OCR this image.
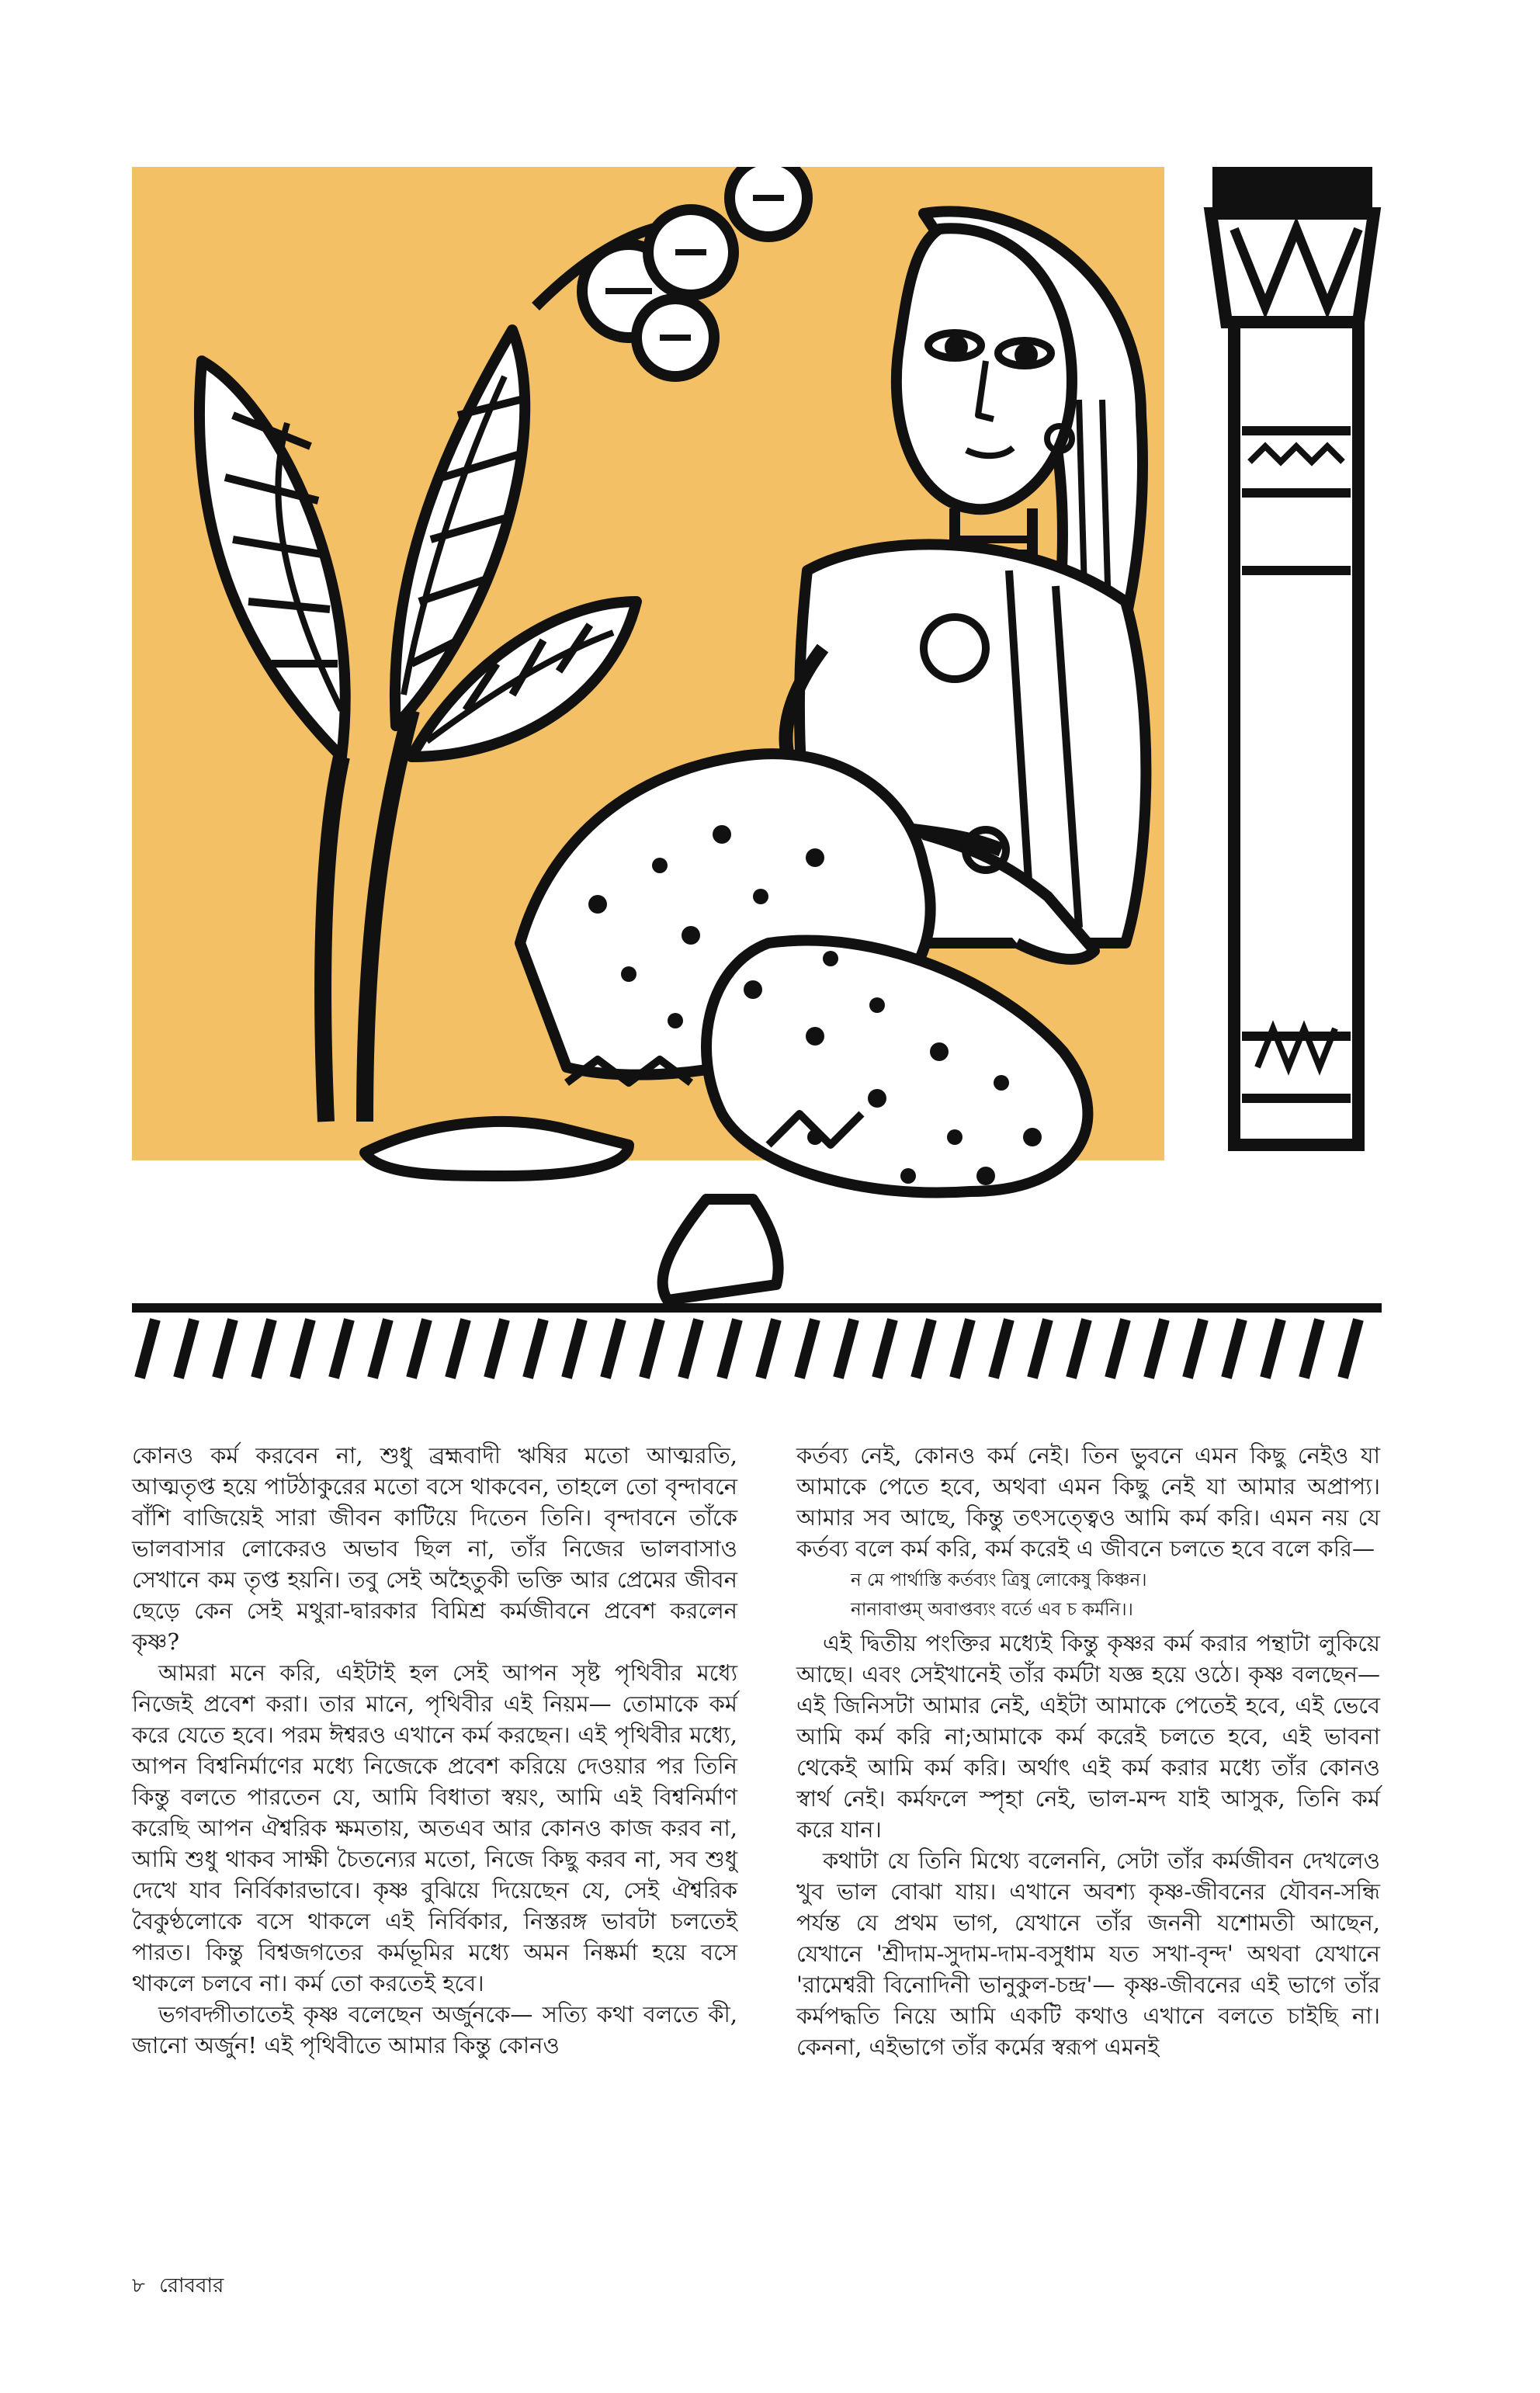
কোনও কর্ম করবেন না, শুধু ব্রহ্মবাদী ঋষির মতো আত্মরতি, আত্মতৃপ্ত হয়ে পাটঠাকুরের মতো বসে থাকবেন, তাহলে তো বৃন্দাবনে বাঁশি বাজিয়েই সারা জীবন কাটিয়ে দিতেন তিনি। বৃন্দাবনে তাঁকে ভালবাসার লোকেরও অভাব ছিল না, তাঁর নিজের ভালবাসাও সেখানে কম তৃপ্ত হয়নি। তবু সেই অহৈতুকী ভক্তি আর প্রেমের জীবন ছেড়ে কেন সেই মথুরা-দ্বারকার বিমিশ্র কর্মজীবনে প্রবেশ করলেন কৃষ্ণ?

আমরা মনে করি, এইটাই হল সেই আপন সৃষ্ট পৃথিবীর মধ্যে নিজেই প্রবেশ করা। তার মানে, পৃথিবীর এই নিয়ম— তোমাকে কর্ম করে যেতে হবে। পরম ঈশ্বরও এখানে কর্ম করছেন। এই পৃথিবীর মধ্যে, আপন বিশ্বনির্মাণের মধ্যে নিজেকে প্রবেশ করিয়ে দেওয়ার পর তিনি কিন্তু বলতে পারতেন যে, আমি বিধাতা স্বয়ং, আমি এই বিশ্বনির্মাণ করেছি আপন ঐশ্বরিক ক্ষমতায়, অতএব আর কোনও কাজ করব না, আমি শুধু থাকব সাক্ষী চৈতন্যের মতো, নিজে কিছু করব না, সব শুধু দেখে যাব নির্বিকারভাবে। কৃষ্ণ বুঝিয়ে দিয়েছেন যে, সেই ঐশ্বরিক বৈকুণ্ঠলোকে বসে থাকলে এই নির্বিকার, নিস্তরঙ্গ ভাবটা চলতেই পারত। কিন্তু বিশ্বজগতের কর্মভূমির মধ্যে অমন নিষ্কর্মা হয়ে বসে থাকলে চলবে না। কর্ম তো করতেই হবে।

ভগবদ্গীতাতেই কৃষ্ণ বলেছেন অর্জুনকে— সত্যি কথা বলতে কী, জানো অর্জুন! এই পৃথিবীতে আমার কিন্তু কোনও

কর্তব্য নেই, কোনও কর্ম নেই। তিন ভুবনে এমন কিছু নেইও যা আমাকে পেতে হবে, অথবা এমন কিছু নেই যা আমার অপ্রাপ্য। আমার সব আছে, কিন্তু তৎসত্ত্বেও আমি কর্ম করি। এমন নয় যে কর্তব্য বলে কর্ম করি, কর্ম করেই এ জীবনে চলতে হবে বলে করি—

ন মে পার্থাস্তি কর্তব্যং ত্রিষু লোকেষু কিঞ্চন।
নানাবাপ্তম্ অবাপ্তব্যং বর্তে এব চ কর্মনি।।

এই দ্বিতীয় পংক্তির মধ্যেই কিন্তু কৃষ্ণর কর্ম করার পন্থাটা লুকিয়ে আছে। এবং সেইখানেই তাঁর কর্মটা যজ্ঞ হয়ে ওঠে। কৃষ্ণ বলছেন— এই জিনিসটা আমার নেই, এইটা আমাকে পেতেই হবে, এই ভেবে আমি কর্ম করি না;আমাকে কর্ম করেই চলতে হবে, এই ভাবনা থেকেই আমি কর্ম করি। অর্থাৎ এই কর্ম করার মধ্যে তাঁর কোনও স্বার্থ নেই। কর্মফলে স্পৃহা নেই, ভাল-মন্দ যাই আসুক, তিনি কর্ম করে যান।

কথাটা যে তিনি মিথ্যে বলেননি, সেটা তাঁর কর্মজীবন দেখলেও খুব ভাল বোঝা যায়। এখানে অবশ্য কৃষ্ণ-জীবনের যৌবন-সন্ধি পর্যন্ত যে প্রথম ভাগ, যেখানে তাঁর জননী যশোমতী আছেন, যেখানে 'শ্রীদাম-সুদাম-দাম-বসুধাম যত সখা-বৃন্দ' অথবা যেখানে 'রামেশ্বরী বিনোদিনী ভানুকুল-চন্দ্র'— কৃষ্ণ-জীবনের এই ভাগে তাঁর কর্মপদ্ধতি নিয়ে আমি একটি কথাও এখানে বলতে চাইছি না। কেননা, এইভাগে তাঁর কর্মের স্বরূপ এমনই

৮ রোববার
